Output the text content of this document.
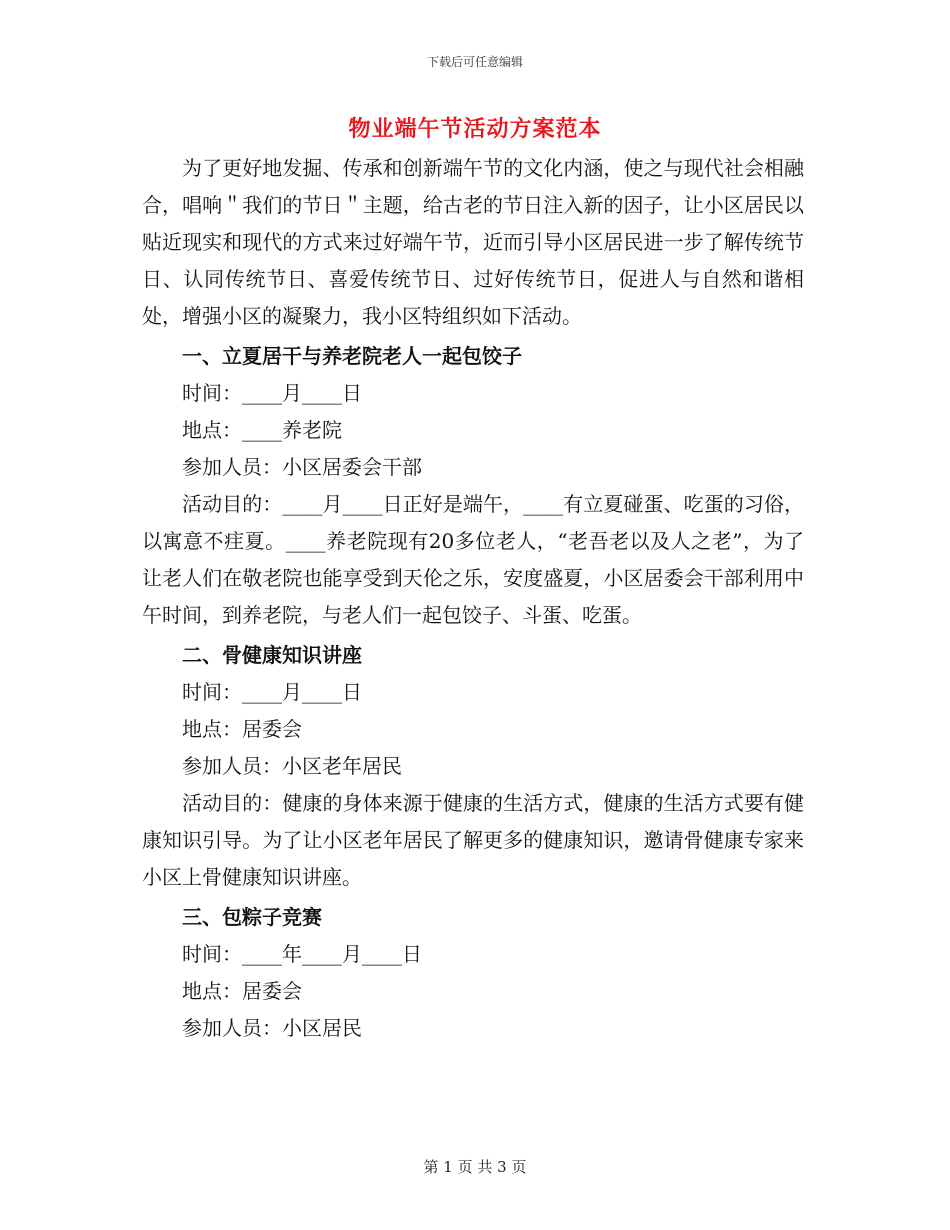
下载后可任意编辑
物业端午节活动方案范本

为了更好地发掘、传承和创新端午节的文化内涵，使之与现代社会相融合，唱响＂我们的节日＂主题，给古老的节日注入新的因子，让小区居民以贴近现实和现代的方式来过好端午节，近而引导小区居民进一步了解传统节日、认同传统节日、喜爱传统节日、过好传统节日，促进人与自然和谐相处，增强小区的凝聚力，我小区特组织如下活动。

一、立夏居干与养老院老人一起包饺子

时间：____月____日

地点：____养老院

参加人员：小区居委会干部

活动目的：____月____日正好是端午，____有立夏碰蛋、吃蛋的习俗，以寓意不疰夏。____养老院现有20多位老人，“老吾老以及人之老”，为了让老人们在敬老院也能享受到天伦之乐，安度盛夏，小区居委会干部利用中午时间，到养老院，与老人们一起包饺子、斗蛋、吃蛋。

二、骨健康知识讲座

时间：____月____日

地点：居委会

参加人员：小区老年居民

活动目的：健康的身体来源于健康的生活方式，健康的生活方式要有健康知识引导。为了让小区老年居民了解更多的健康知识，邀请骨健康专家来小区上骨健康知识讲座。

三、包粽子竞赛

时间：____年____月____日

地点：居委会

参加人员：小区居民

第 1 页 共 3 页
